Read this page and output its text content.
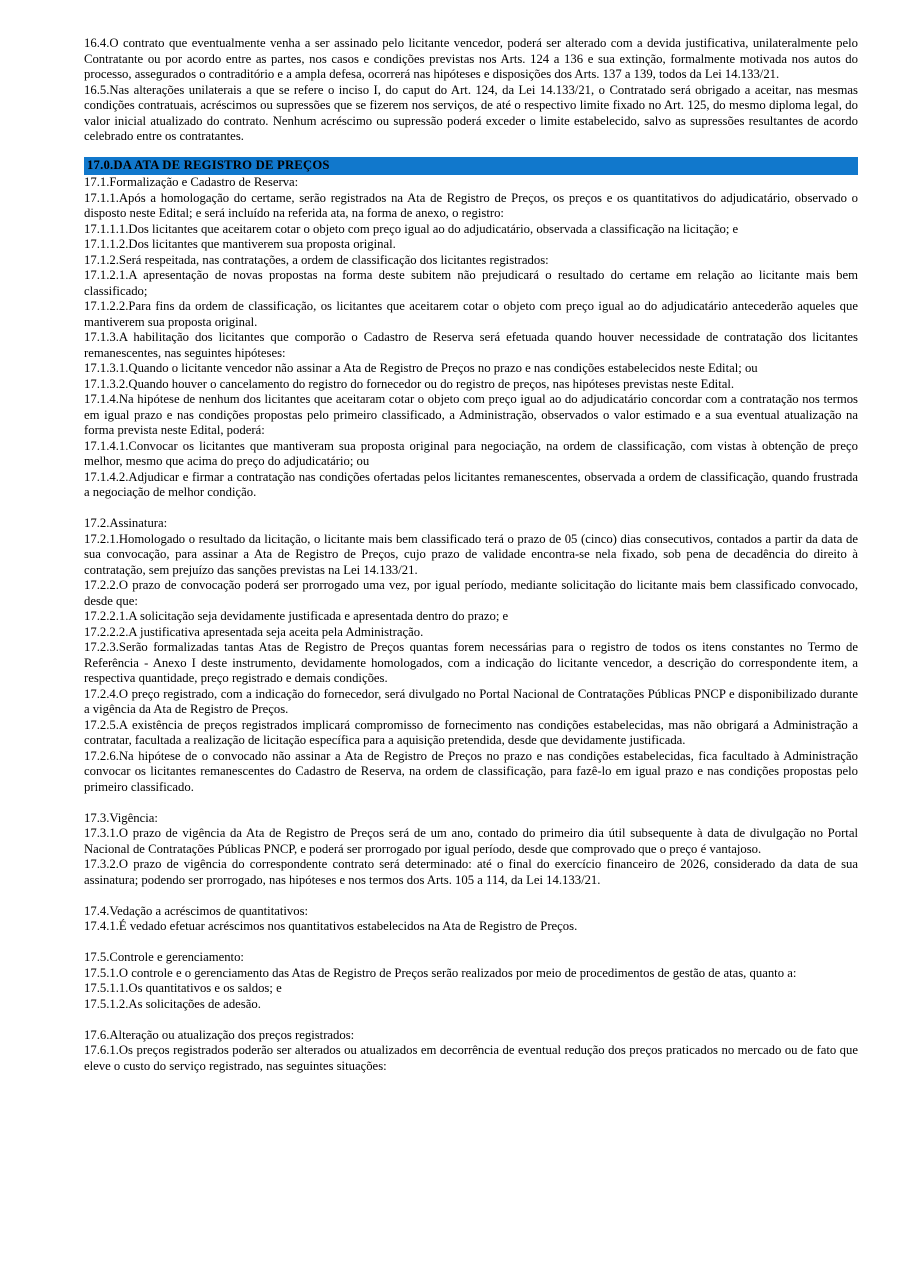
16.4.O contrato que eventualmente venha a ser assinado pelo licitante vencedor, poderá ser alterado com a devida justificativa, unilateralmente pelo Contratante ou por acordo entre as partes, nos casos e condições previstas nos Arts. 124 a 136 e sua extinção, formalmente motivada nos autos do processo, assegurados o contraditório e a ampla defesa, ocorrerá nas hipóteses e disposições dos Arts. 137 a 139, todos da Lei 14.133/21.

16.5.Nas alterações unilaterais a que se refere o inciso I, do caput do Art. 124, da Lei 14.133/21, o Contratado será obrigado a aceitar, nas mesmas condições contratuais, acréscimos ou supressões que se fizerem nos serviços, de até o respectivo limite fixado no Art. 125, do mesmo diploma legal, do valor inicial atualizado do contrato. Nenhum acréscimo ou supressão poderá exceder o limite estabelecido, salvo as supressões resultantes de acordo celebrado entre os contratantes.

17.0.DA ATA DE REGISTRO DE PREÇOS

17.1.Formalização e Cadastro de Reserva:

17.1.1.Após a homologação do certame, serão registrados na Ata de Registro de Preços, os preços e os quantitativos do adjudicatário, observado o disposto neste Edital; e será incluído na referida ata, na forma de anexo, o registro:

17.1.1.1.Dos licitantes que aceitarem cotar o objeto com preço igual ao do adjudicatário, observada a classificação na licitação; e

17.1.1.2.Dos licitantes que mantiverem sua proposta original.

17.1.2.Será respeitada, nas contratações, a ordem de classificação dos licitantes registrados:

17.1.2.1.A apresentação de novas propostas na forma deste subitem não prejudicará o resultado do certame em relação ao licitante mais bem classificado;

17.1.2.2.Para fins da ordem de classificação, os licitantes que aceitarem cotar o objeto com preço igual ao do adjudicatário antecederão aqueles que mantiverem sua proposta original.

17.1.3.A habilitação dos licitantes que comporão o Cadastro de Reserva será efetuada quando houver necessidade de contratação dos licitantes remanescentes, nas seguintes hipóteses:

17.1.3.1.Quando o licitante vencedor não assinar a Ata de Registro de Preços no prazo e nas condições estabelecidos neste Edital; ou

17.1.3.2.Quando houver o cancelamento do registro do fornecedor ou do registro de preços, nas hipóteses previstas neste Edital.

17.1.4.Na hipótese de nenhum dos licitantes que aceitaram cotar o objeto com preço igual ao do adjudicatário concordar com a contratação nos termos em igual prazo e nas condições propostas pelo primeiro classificado, a Administração, observados o valor estimado e a sua eventual atualização na forma prevista neste Edital, poderá:

17.1.4.1.Convocar os licitantes que mantiveram sua proposta original para negociação, na ordem de classificação, com vistas à obtenção de preço melhor, mesmo que acima do preço do adjudicatário; ou

17.1.4.2.Adjudicar e firmar a contratação nas condições ofertadas pelos licitantes remanescentes, observada a ordem de classificação, quando frustrada a negociação de melhor condição.

17.2.Assinatura:

17.2.1.Homologado o resultado da licitação, o licitante mais bem classificado terá o prazo de 05 (cinco) dias consecutivos, contados a partir da data de sua convocação, para assinar a Ata de Registro de Preços, cujo prazo de validade encontra-se nela fixado, sob pena de decadência do direito à contratação, sem prejuízo das sanções previstas na Lei 14.133/21.

17.2.2.O prazo de convocação poderá ser prorrogado uma vez, por igual período, mediante solicitação do licitante mais bem classificado convocado, desde que:

17.2.2.1.A solicitação seja devidamente justificada e apresentada dentro do prazo; e

17.2.2.2.A justificativa apresentada seja aceita pela Administração.

17.2.3.Serão formalizadas tantas Atas de Registro de Preços quantas forem necessárias para o registro de todos os itens constantes no Termo de Referência - Anexo I deste instrumento, devidamente homologados, com a indicação do licitante vencedor, a descrição do correspondente item, a respectiva quantidade, preço registrado e demais condições.

17.2.4.O preço registrado, com a indicação do fornecedor, será divulgado no Portal Nacional de Contratações Públicas PNCP e disponibilizado durante a vigência da Ata de Registro de Preços.

17.2.5.A existência de preços registrados implicará compromisso de fornecimento nas condições estabelecidas, mas não obrigará a Administração a contratar, facultada a realização de licitação específica para a aquisição pretendida, desde que devidamente justificada.

17.2.6.Na hipótese de o convocado não assinar a Ata de Registro de Preços no prazo e nas condições estabelecidas, fica facultado à Administração convocar os licitantes remanescentes do Cadastro de Reserva, na ordem de classificação, para fazê-lo em igual prazo e nas condições propostas pelo primeiro classificado.

17.3.Vigência:

17.3.1.O prazo de vigência da Ata de Registro de Preços será de um ano, contado do primeiro dia útil subsequente à data de divulgação no Portal Nacional de Contratações Públicas PNCP, e poderá ser prorrogado por igual período, desde que comprovado que o preço é vantajoso.

17.3.2.O prazo de vigência do correspondente contrato será determinado: até o final do exercício financeiro de 2026, considerado da data de sua assinatura; podendo ser prorrogado, nas hipóteses e nos termos dos Arts. 105 a 114, da Lei 14.133/21.

17.4.Vedação a acréscimos de quantitativos:

17.4.1.É vedado efetuar acréscimos nos quantitativos estabelecidos na Ata de Registro de Preços.

17.5.Controle e gerenciamento:

17.5.1.O controle e o gerenciamento das Atas de Registro de Preços serão realizados por meio de procedimentos de gestão de atas, quanto a:

17.5.1.1.Os quantitativos e os saldos; e

17.5.1.2.As solicitações de adesão.

17.6.Alteração ou atualização dos preços registrados:

17.6.1.Os preços registrados poderão ser alterados ou atualizados em decorrência de eventual redução dos preços praticados no mercado ou de fato que eleve o custo do serviço registrado, nas seguintes situações:
